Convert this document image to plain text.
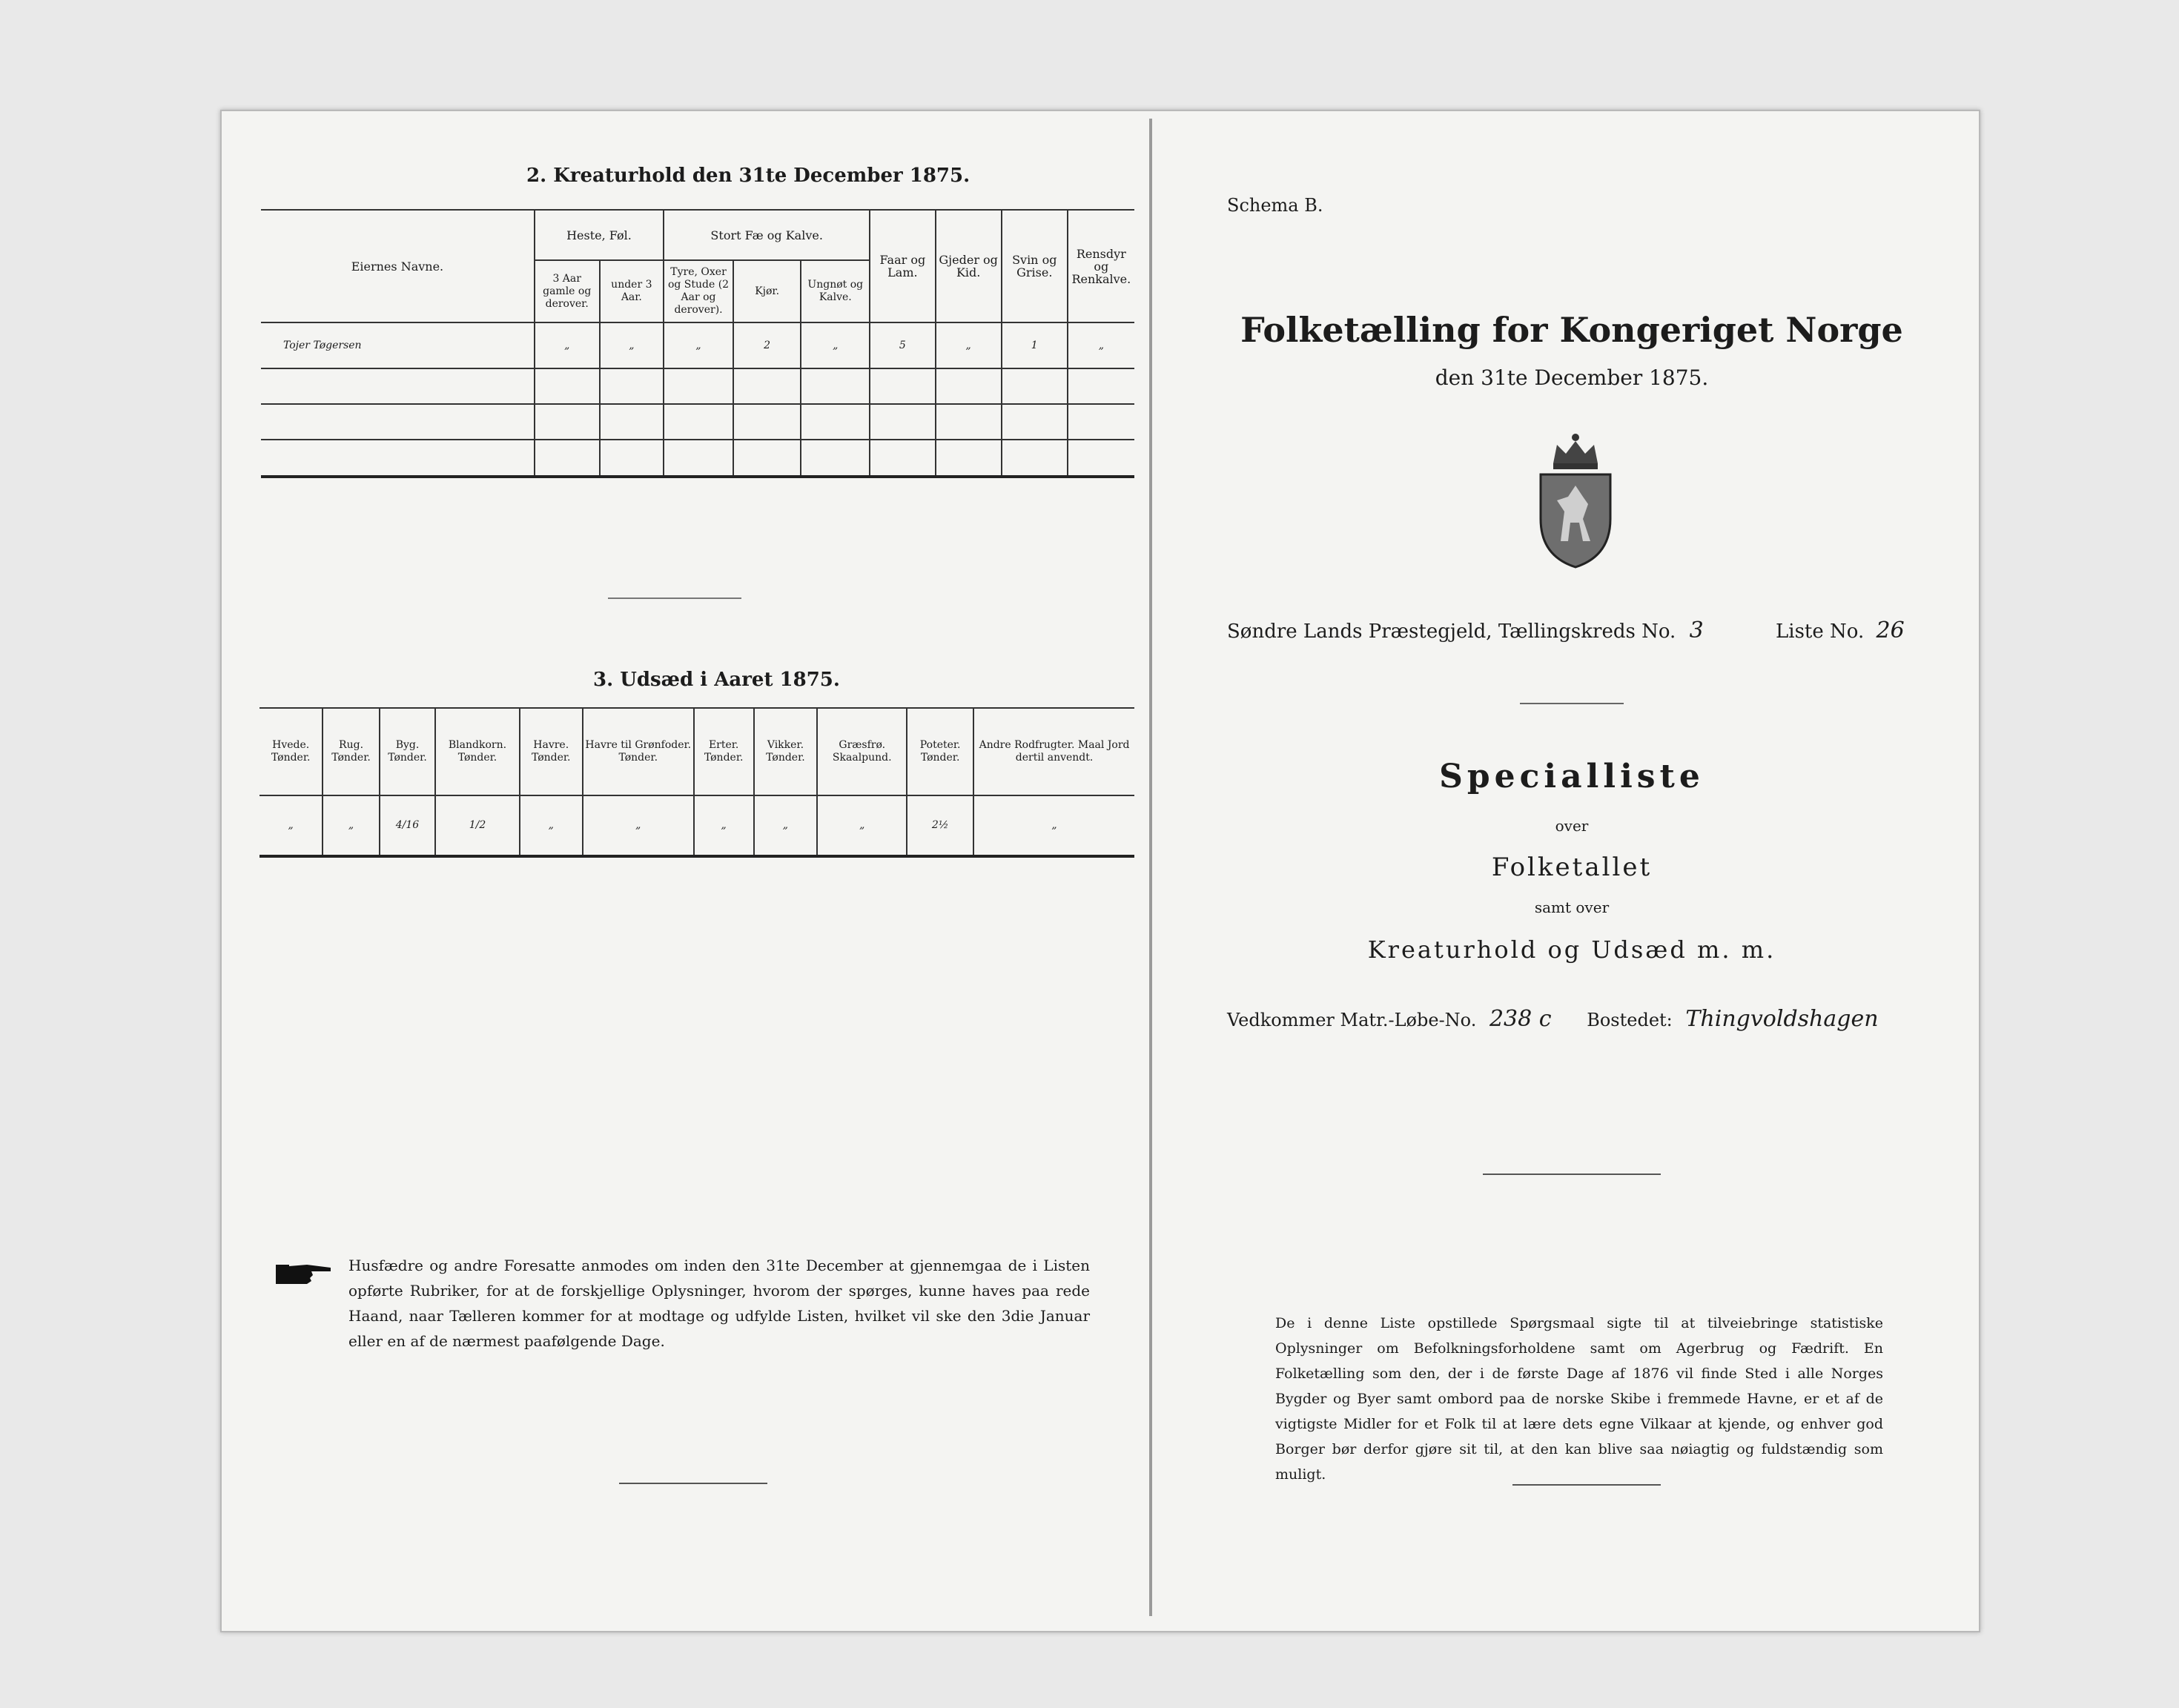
2. Kreaturhold den 31te December 1875.
Eiernes Navne.	Heste, Føl.		Stort Fæ og Kalve.			Faar og Lam.	Gjeder og Kid.	Svin og Grise.	Rensdyr og Renkalve.
	3 Aar gamle og derover.	under 3 Aar.	Tyre, Oxer og Stude (2 Aar og derover).	Kjør.	Ungnøt og Kalve.				
Tojer Tøgersen	„	„	„	2	„	5	„	1	„

3. Udsæd i Aaret 1875.
Hvede. Tønder.	Rug. Tønder.	Byg. Tønder.	Blandkorn. Tønder.	Havre. Tønder.	Havre til Grønfoder. Tønder.	Erter. Tønder.	Vikker. Tønder.	Græsfrø. Skaalpund.	Poteter. Tønder.	Andre Rodfrugter. Maal Jord dertil anvendt.
„	„	4/16	1/2	„	„	„	„	„	2½	„
Husfædre og andre Foresatte anmodes om inden den 31te December at gjennemgaa de i Listen opførte Rubriker, for at de forskjellige Oplysninger, hvorom der spørges, kunne haves paa rede Haand, naar Tælleren kommer for at modtage og udfylde Listen, hvilket vil ske den 3die Januar eller en af de nærmest paafølgende Dage.
Schema B.
Folketælling for Kongeriget Norge
den 31te December 1875.
Søndre Lands Præstegjeld, Tællingskreds No. 3	Liste No. 26
Specialliste
over
Folketallet
samt over
Kreaturhold og Udsæd m. m.
Vedkommer Matr.-Løbe-No. 238 c Bostedet: Thingvoldshagen
De i denne Liste opstillede Spørgsmaal sigte til at tilveiebringe statistiske Oplysninger om Befolkningsforholdene samt om Agerbrug og Fædrift. En Folketælling som den, der i de første Dage af 1876 vil finde Sted i alle Norges Bygder og Byer samt ombord paa de norske Skibe i fremmede Havne, er et af de vigtigste Midler for et Folk til at lære dets egne Vilkaar at kjende, og enhver god Borger bør derfor gjøre sit til, at den kan blive saa nøiagtig og fuldstændig som muligt.
